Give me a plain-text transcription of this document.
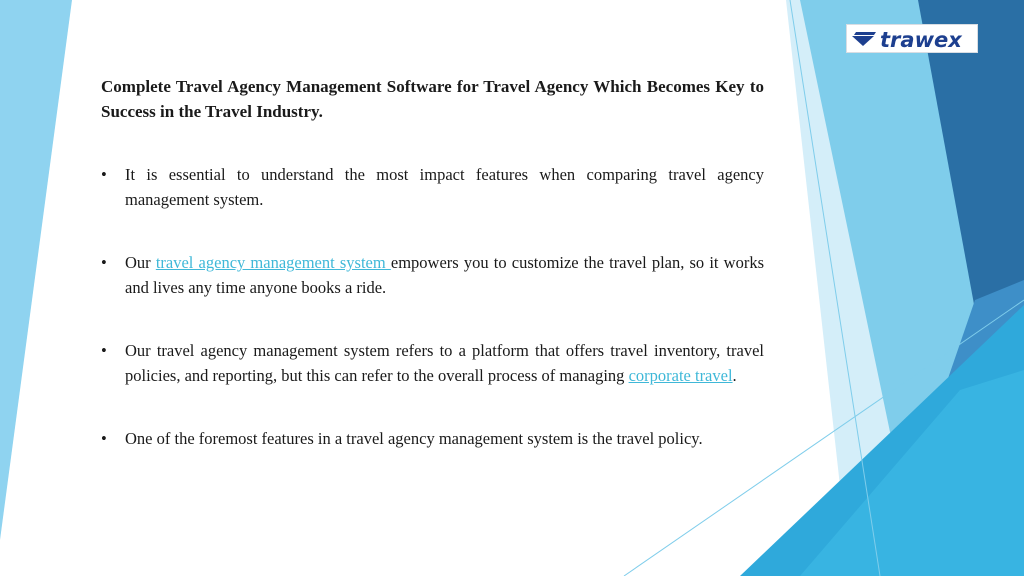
trawex
Complete Travel Agency Management Software for Travel Agency Which Becomes Key to Success in the Travel Industry.
• It is essential to understand the most impact features when comparing travel agency management system.
• Our travel agency management system empowers you to customize the travel plan, so it works and lives any time anyone books a ride.
• Our travel agency management system refers to a platform that offers travel inventory, travel policies, and reporting, but this can refer to the overall process of managing corporate travel.
• One of the foremost features in a travel agency management system is the travel policy.
